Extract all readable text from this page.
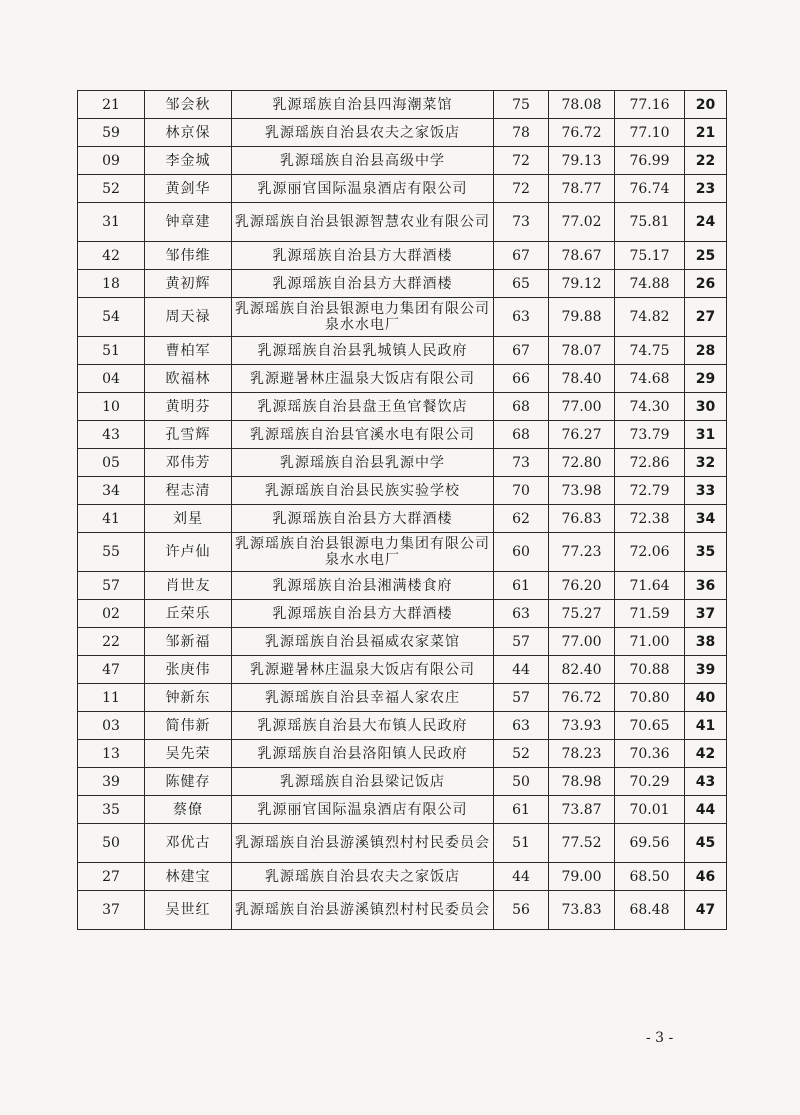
21	邹会秋	乳源瑶族自治县四海潮菜馆	75	78.08	77.16	20
59	林京保	乳源瑶族自治县农夫之家饭店	78	76.72	77.10	21
09	李金城	乳源瑶族自治县高级中学	72	79.13	76.99	22
52	黄剑华	乳源丽官国际温泉酒店有限公司	72	78.77	76.74	23
31	钟章建	乳源瑶族自治县银源智慧农业有限公司	73	77.02	75.81	24
42	邹伟维	乳源瑶族自治县方大群酒楼	67	78.67	75.17	25
18	黄初辉	乳源瑶族自治县方大群酒楼	65	79.12	74.88	26
54	周天禄	乳源瑶族自治县银源电力集团有限公司泉水水电厂	63	79.88	74.82	27
51	曹柏军	乳源瑶族自治县乳城镇人民政府	67	78.07	74.75	28
04	欧福林	乳源避暑林庄温泉大饭店有限公司	66	78.40	74.68	29
10	黄明芬	乳源瑶族自治县盘王鱼官餐饮店	68	77.00	74.30	30
43	孔雪辉	乳源瑶族自治县官溪水电有限公司	68	76.27	73.79	31
05	邓伟芳	乳源瑶族自治县乳源中学	73	72.80	72.86	32
34	程志清	乳源瑶族自治县民族实验学校	70	73.98	72.79	33
41	刘星	乳源瑶族自治县方大群酒楼	62	76.83	72.38	34
55	许卢仙	乳源瑶族自治县银源电力集团有限公司泉水水电厂	60	77.23	72.06	35
57	肖世友	乳源瑶族自治县湘满楼食府	61	76.20	71.64	36
02	丘荣乐	乳源瑶族自治县方大群酒楼	63	75.27	71.59	37
22	邹新福	乳源瑶族自治县福威农家菜馆	57	77.00	71.00	38
47	张庚伟	乳源避暑林庄温泉大饭店有限公司	44	82.40	70.88	39
11	钟新东	乳源瑶族自治县幸福人家农庄	57	76.72	70.80	40
03	简伟新	乳源瑶族自治县大布镇人民政府	63	73.93	70.65	41
13	吴先荣	乳源瑶族自治县洛阳镇人民政府	52	78.23	70.36	42
39	陈健存	乳源瑶族自治县梁记饭店	50	78.98	70.29	43
35	蔡僚	乳源丽官国际温泉酒店有限公司	61	73.87	70.01	44
50	邓优古	乳源瑶族自治县游溪镇烈村村民委员会	51	77.52	69.56	45
27	林建宝	乳源瑶族自治县农夫之家饭店	44	79.00	68.50	46
37	吴世红	乳源瑶族自治县游溪镇烈村村民委员会	56	73.83	68.48	47
- 3 -
